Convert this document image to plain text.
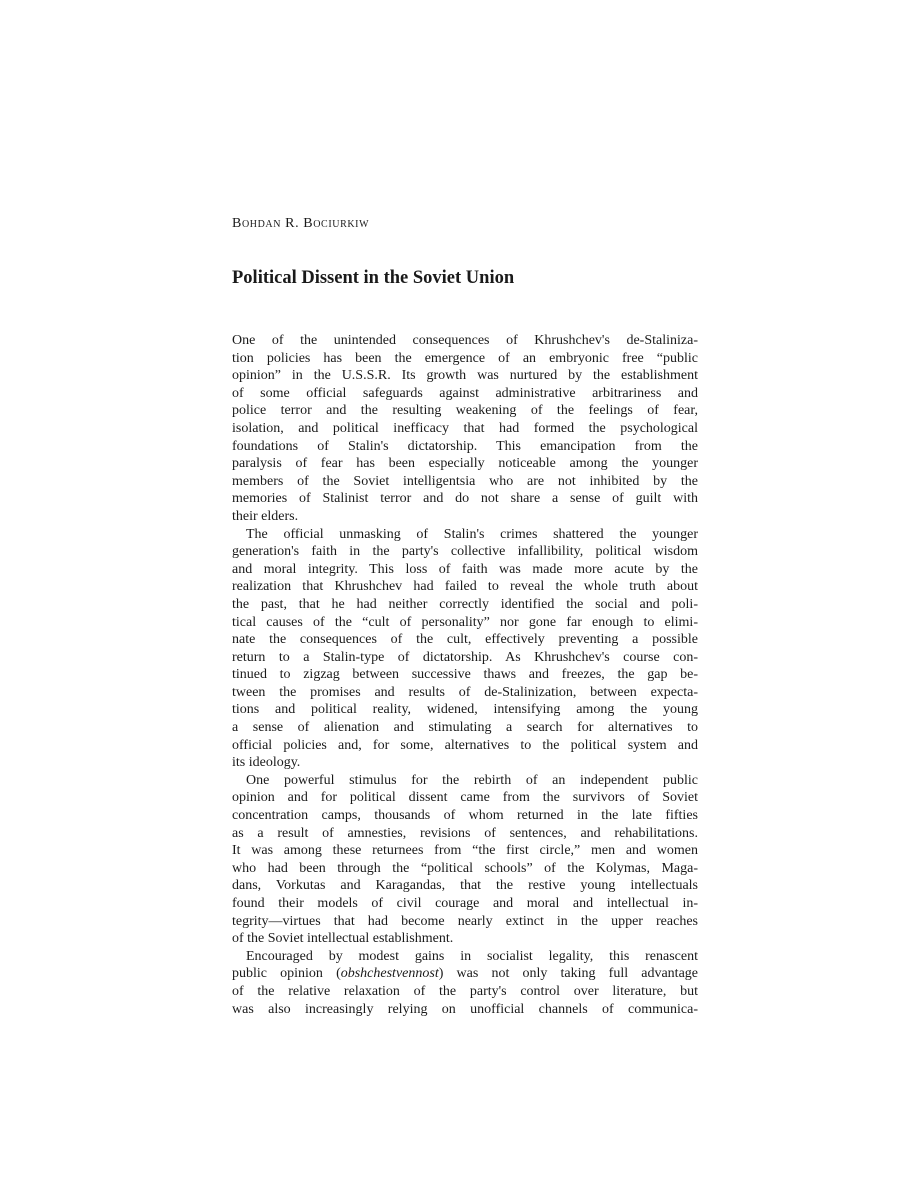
Bohdan R. Bociurkiw
Political Dissent in the Soviet Union
One of the unintended consequences of Khrushchev's de-Staliniza-
tion policies has been the emergence of an embryonic free “public
opinion” in the U.S.S.R. Its growth was nurtured by the establishment
of some official safeguards against administrative arbitrariness and
police terror and the resulting weakening of the feelings of fear,
isolation, and political inefficacy that had formed the psychological
foundations of Stalin's dictatorship. This emancipation from the
paralysis of fear has been especially noticeable among the younger
members of the Soviet intelligentsia who are not inhibited by the
memories of Stalinist terror and do not share a sense of guilt with
their elders.
The official unmasking of Stalin's crimes shattered the younger
generation's faith in the party's collective infallibility, political wisdom
and moral integrity. This loss of faith was made more acute by the
realization that Khrushchev had failed to reveal the whole truth about
the past, that he had neither correctly identified the social and poli-
tical causes of the “cult of personality” nor gone far enough to elimi-
nate the consequences of the cult, effectively preventing a possible
return to a Stalin-type of dictatorship. As Khrushchev's course con-
tinued to zigzag between successive thaws and freezes, the gap be-
tween the promises and results of de-Stalinization, between expecta-
tions and political reality, widened, intensifying among the young
a sense of alienation and stimulating a search for alternatives to
official policies and, for some, alternatives to the political system and
its ideology.
One powerful stimulus for the rebirth of an independent public
opinion and for political dissent came from the survivors of Soviet
concentration camps, thousands of whom returned in the late fifties
as a result of amnesties, revisions of sentences, and rehabilitations.
It was among these returnees from “the first circle,” men and women
who had been through the “political schools” of the Kolymas, Maga-
dans, Vorkutas and Karagandas, that the restive young intellectuals
found their models of civil courage and moral and intellectual in-
tegrity—virtues that had become nearly extinct in the upper reaches
of the Soviet intellectual establishment.
Encouraged by modest gains in socialist legality, this renascent
public opinion (obshchestvennost) was not only taking full advantage
of the relative relaxation of the party's control over literature, but
was also increasingly relying on unofficial channels of communica-
